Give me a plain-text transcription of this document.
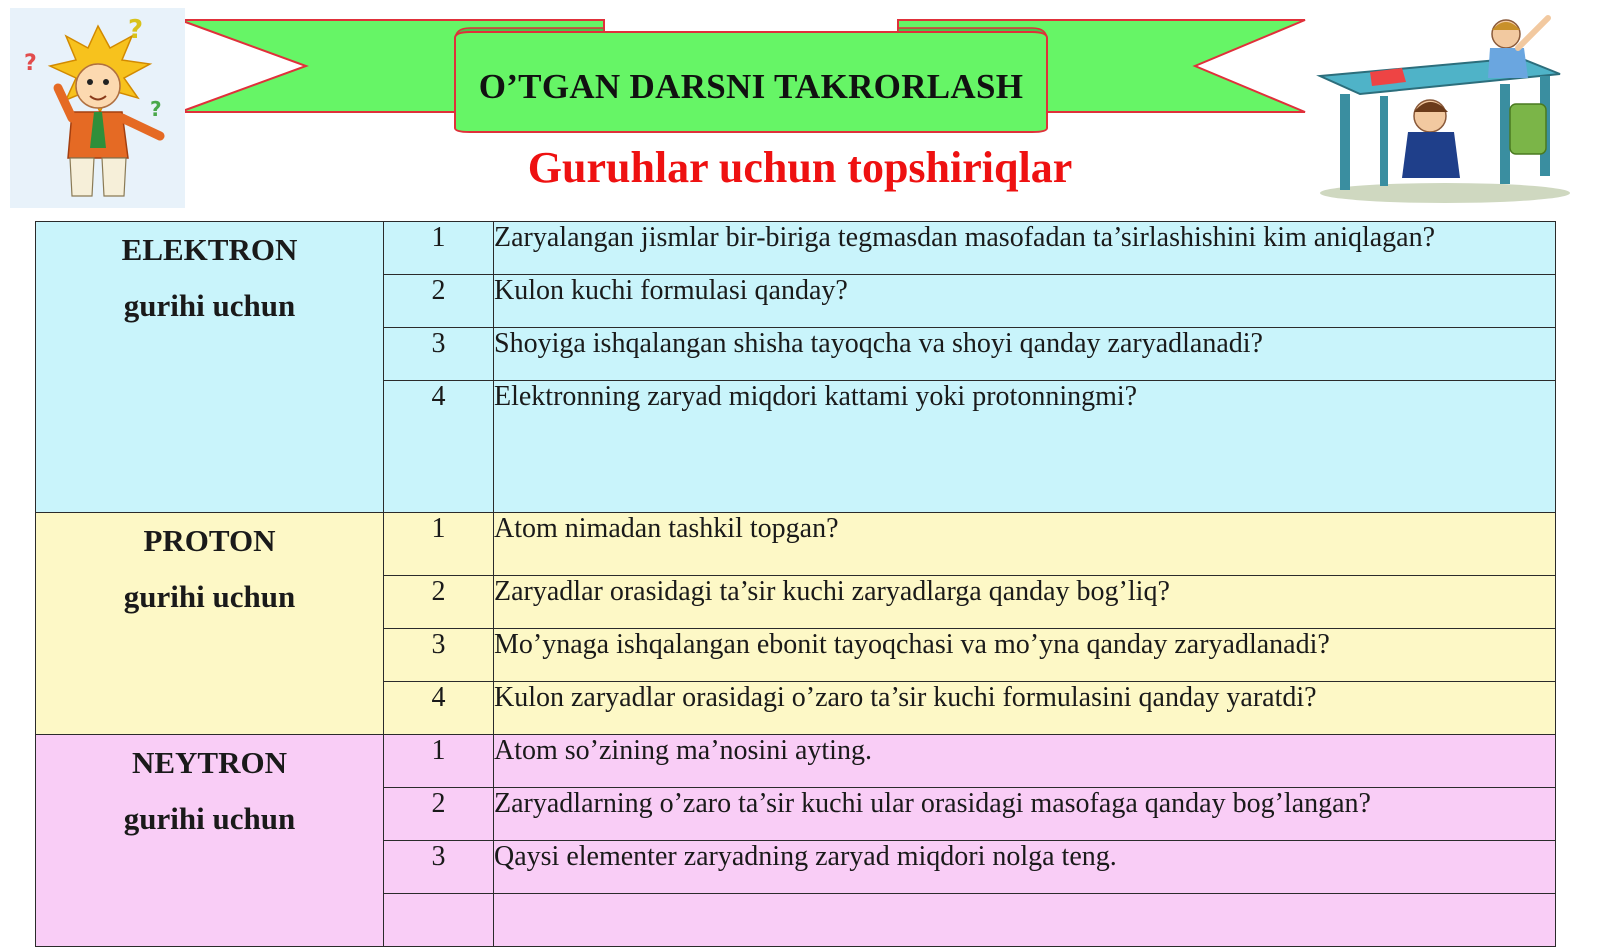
O’TGAN DARSNI TAKRORLASH
Guruhlar uchun topshiriqlar
?
?
?
ELEKTRON
gurihi uchun	1	Zaryalangan jismlar bir-biriga tegmasdan masofadan ta’sirlashishini kim aniqlagan?
	2	Kulon kuchi formulasi qanday?
	3	Shoyiga ishqalangan shisha tayoqcha va shoyi qanday zaryadlanadi?
	4	Elektronning zaryad miqdori kattami yoki protonningmi?

PROTON
gurihi uchun	1	Atom nimadan tashkil topgan?
	2	Zaryadlar orasidagi ta’sir kuchi zaryadlarga qanday bog’liq?
	3	Mo’ynaga ishqalangan ebonit tayoqchasi va mo’yna qanday zaryadlanadi?
	4	Kulon zaryadlar orasidagi o’zaro ta’sir kuchi formulasini qanday yaratdi?

NEYTRON
gurihi uchun	1	Atom so’zining ma’nosini ayting.
	2	Zaryadlarning o’zaro ta’sir kuchi ular orasidagi masofaga qanday bog’langan?
	3	Qaysi elementer zaryadning zaryad miqdori nolga teng.
